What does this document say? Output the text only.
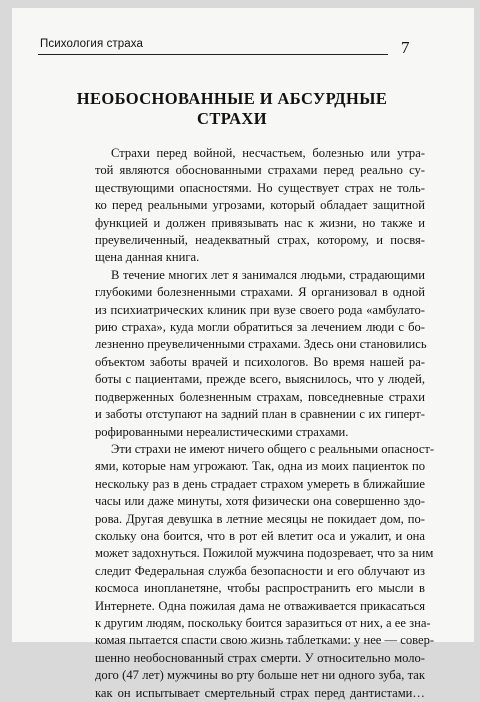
Психология страха	7
НЕОБОСНОВАННЫЕ И АБСУРДНЫЕ
СТРАХИ
Страхи перед войной, несчастьем, болезнью или утра-
той являются обоснованными страхами перед реально су-
ществующими опасностями. Но существует страх не толь-
ко перед реальными угрозами, который обладает защитной
функцией и должен привязывать нас к жизни, но также и
преувеличенный, неадекватный страх, которому, и посвя-
щена данная книга.
В течение многих лет я занимался людьми, страдающими
глубокими болезненными страхами. Я организовал в одной
из психиатрических клиник при вузе своего рода «амбулато-
рию страха», куда могли обратиться за лечением люди с бо-
лезненно преувеличенными страхами. Здесь они становились
объектом заботы врачей и психологов. Во время нашей ра-
боты с пациентами, прежде всего, выяснилось, что у людей,
подверженных болезненным страхам, повседневные страхи
и заботы отступают на задний план в сравнении с их гиперт-
рофированными нереалистическими страхами.
Эти страхи не имеют ничего общего с реальными опасност-
ями, которые нам угрожают. Так, одна из моих пациенток по
нескольку раз в день страдает страхом умереть в ближайшие
часы или даже минуты, хотя физически она совершенно здо-
рова. Другая девушка в летние месяцы не покидает дом, по-
скольку она боится, что в рот ей влетит оса и ужалит, и она
может задохнуться. Пожилой мужчина подозревает, что за ним
следит Федеральная служба безопасности и его облучают из
космоса инопланетяне, чтобы распространить его мысли в
Интернете. Одна пожилая дама не отваживается прикасаться
к другим людям, поскольку боится заразиться от них, а ее зна-
комая пытается спасти свою жизнь таблетками: у нее — совер-
шенно необоснованный страх смерти. У относительно моло-
дого (47 лет) мужчины во рту больше нет ни одного зуба, так
как он испытывает смертельный страх перед дантистами…
